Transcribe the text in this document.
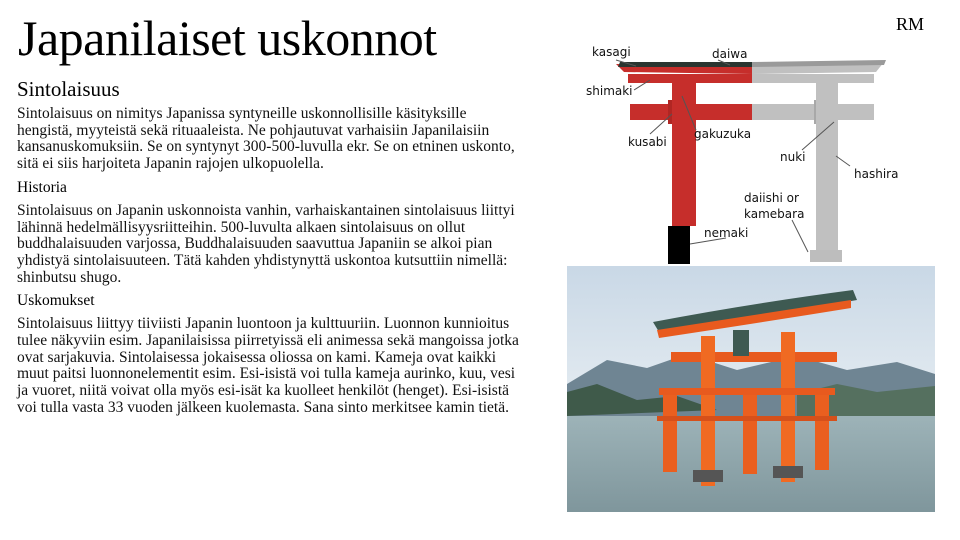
Japanilaiset uskonnot	RM
Sintolaisuus

Sintolaisuus on nimitys Japanissa syntyneille uskonnollisille käsityksille hengistä, myyteistä sekä rituaaleista. Ne pohjautuvat varhaisiin Japanilaisiin kansanuskomuksiin. Se on syntynyt 300-500-luvulla ekr. Se on etninen uskonto, sitä ei siis harjoiteta Japanin rajojen ulkopuolella.

Historia

Sintolaisuus on Japanin uskonnoista vanhin, varhaiskantainen sintolaisuus liittyi lähinnä hedelmällisyysriitteihin. 500-luvulta alkaen sintolaisuus on ollut buddhalaisuuden varjossa, Buddhalaisuuden saavuttua Japaniin se alkoi pian yhdistyä sintolaisuuteen. Tätä kahden yhdistynyttä uskontoa kutsuttiin nimellä: shinbutsu shugo.

Uskomukset

Sintolaisuus liittyy tiiviisti Japanin luontoon ja kulttuuriin. Luonnon kunnioitus tulee näkyviin esim. Japanilaisissa piirretyissä eli animessa sekä mangoissa jotka ovat sarjakuvia. Sintolaisessa jokaisessa oliossa on kami. Kameja ovat kaikki muut paitsi luonnonelementit esim. Esi-isistä voi tulla kameja aurinko, kuu, vesi ja vuoret, niitä voivat olla myös esi-isät ka kuolleet henkilöt (henget). Esi-isistä voi tulla vasta 33 vuoden jälkeen kuolemasta. Sana sinto merkitsee kamin tietä.

kasagi	daiwa
shimaki
kusabi
gakuzuka
nuki
hashira
daiishi or
kamebara
nemaki
